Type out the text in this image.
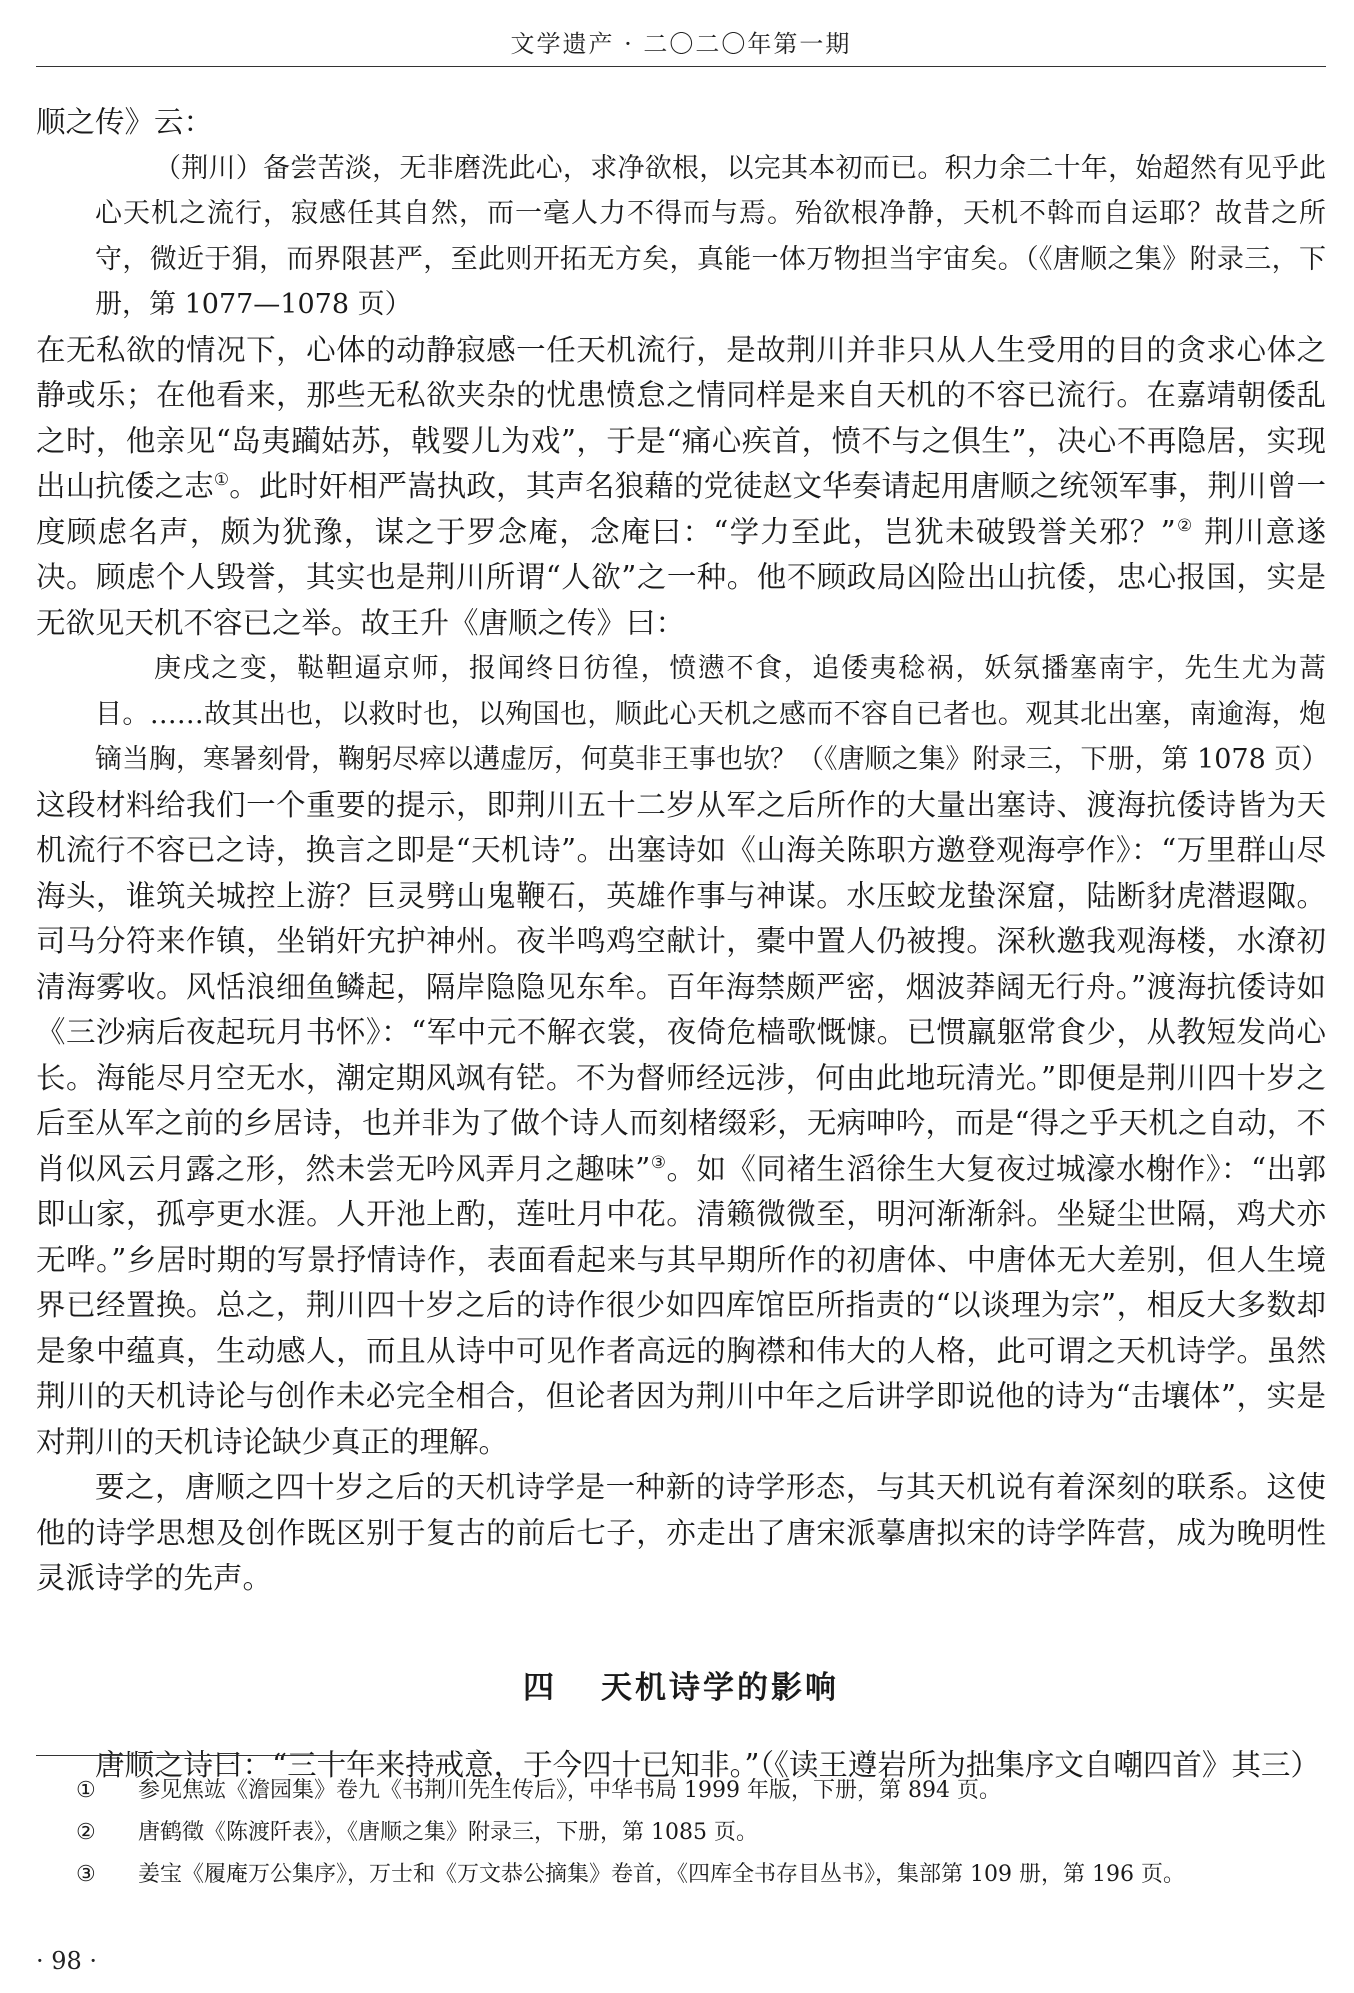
文学遗产 · 二〇二〇年第一期

顺之传》云：

（荆川）备尝苦淡，无非磨洗此心，求净欲根，以完其本初而已。积力余二十年，始超然有见乎此心天机之流行，寂感任其自然，而一毫人力不得而与焉。殆欲根净静，天机不斡而自运耶？故昔之所守，微近于狷，而界限甚严，至此则开拓无方矣，真能一体万物担当宇宙矣。（《唐顺之集》附录三，下册，第 1077—1078 页）

在无私欲的情况下，心体的动静寂感一任天机流行，是故荆川并非只从人生受用的目的贪求心体之静或乐；在他看来，那些无私欲夹杂的忧患愤怠之情同样是来自天机的不容已流行。在嘉靖朝倭乱之时，他亲见“岛夷躏姑苏，戟婴儿为戏”，于是“痛心疾首，愤不与之俱生”，决心不再隐居，实现出山抗倭之志①。此时奸相严嵩执政，其声名狼藉的党徒赵文华奏请起用唐顺之统领军事，荆川曾一度顾虑名声，颇为犹豫，谋之于罗念庵，念庵曰：“学力至此，岂犹未破毁誉关邪？”② 荆川意遂决。顾虑个人毁誉，其实也是荆川所谓“人欲”之一种。他不顾政局凶险出山抗倭，忠心报国，实是无欲见天机不容已之举。故王升《唐顺之传》曰：

庚戌之变，鞑靼逼京师，报闻终日彷徨，愤懑不食，追倭夷稔祸，妖氛播塞南宇，先生尤为蒿目。……故其出也，以救时也，以殉国也，顺此心天机之感而不容自已者也。观其北出塞，南逾海，炮镝当胸，寒暑刻骨，鞠躬尽瘁以遘虚厉，何莫非王事也欤？（《唐顺之集》附录三，下册，第 1078 页）

这段材料给我们一个重要的提示，即荆川五十二岁从军之后所作的大量出塞诗、渡海抗倭诗皆为天机流行不容已之诗，换言之即是“天机诗”。出塞诗如《山海关陈职方邀登观海亭作》：“万里群山尽海头，谁筑关城控上游？巨灵劈山鬼鞭石，英雄作事与神谋。水压蛟龙蛰深窟，陆断豺虎潜遐陬。司马分符来作镇，坐销奸宄护神州。夜半鸣鸡空献计，橐中置人仍被搜。深秋邀我观海楼，水潦初清海雾收。风恬浪细鱼鳞起，隔岸隐隐见东牟。百年海禁颇严密，烟波莽阔无行舟。”渡海抗倭诗如《三沙病后夜起玩月书怀》：“军中元不解衣裳，夜倚危樯歌慨慷。已惯羸躯常食少，从教短发尚心长。海能尽月空无水，潮定期风飒有铓。不为督师经远涉，何由此地玩清光。”即便是荆川四十岁之后至从军之前的乡居诗，也并非为了做个诗人而刻楮缀彩，无病呻吟，而是“得之乎天机之自动，不肖似风云月露之形，然未尝无吟风弄月之趣味”③。如《同褚生滔徐生大复夜过城濠水榭作》：“出郭即山家，孤亭更水涯。人开池上酌，莲吐月中花。清籁微微至，明河渐渐斜。坐疑尘世隔，鸡犬亦无哗。”乡居时期的写景抒情诗作，表面看起来与其早期所作的初唐体、中唐体无大差别，但人生境界已经置换。总之，荆川四十岁之后的诗作很少如四库馆臣所指责的“以谈理为宗”，相反大多数却是象中蕴真，生动感人，而且从诗中可见作者高远的胸襟和伟大的人格，此可谓之天机诗学。虽然荆川的天机诗论与创作未必完全相合，但论者因为荆川中年之后讲学即说他的诗为“击壤体”，实是对荆川的天机诗论缺少真正的理解。

要之，唐顺之四十岁之后的天机诗学是一种新的诗学形态，与其天机说有着深刻的联系。这使他的诗学思想及创作既区别于复古的前后七子，亦走出了唐宋派摹唐拟宋的诗学阵营，成为晚明性灵派诗学的先声。

四 天机诗学的影响

唐顺之诗曰：“三十年来持戒意，于今四十已知非。”（《读王遵岩所为拙集序文自嘲四首》其三）

① 参见焦竑《澹园集》卷九《书荆川先生传后》，中华书局 1999 年版，下册，第 894 页。

② 唐鹤徵《陈渡阡表》，《唐顺之集》附录三，下册，第 1085 页。

③ 姜宝《履庵万公集序》，万士和《万文恭公摘集》卷首，《四库全书存目丛书》，集部第 109 册，第 196 页。

· 98 ·
